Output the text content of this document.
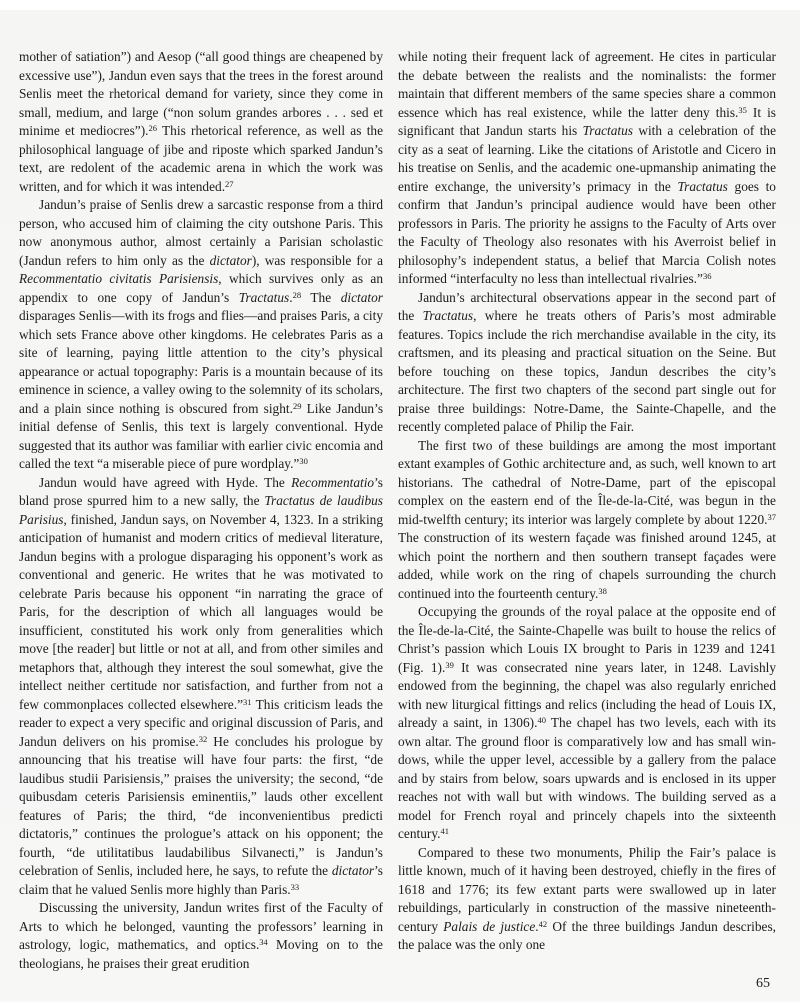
mother of satiation”) and Aesop (“all good things are cheapened by excessive use”), Jandun even says that the trees in the forest around Senlis meet the rhetorical demand for variety, since they come in small, medium, and large (“non solum grandes arbores . . . sed et minime et mediocres”).$^{26}$ This rhetorical reference, as well as the philosophical language of jibe and riposte which sparked Jandun’s text, are redolent of the academic arena in which the work was written, and for which it was intended.$^{27}$

Jandun’s praise of Senlis drew a sarcastic response from a third person, who accused him of claiming the city outshone Paris. This now anonymous author, almost certainly a Parisian scholastic (Jandun refers to him only as the dictator), was responsible for a Recommentatio civitatis Parisiensis, which survives only as an appendix to one copy of Jandun’s Tractatus.$^{28}$ The dictator disparages Senlis—with its frogs and flies—and praises Paris, a city which sets France above other kingdoms. He celebrates Paris as a site of learning, paying little attention to the city’s physical appearance or actual topography: Paris is a mountain because of its eminence in science, a valley owing to the solemnity of its scholars, and a plain since nothing is obscured from sight.$^{29}$ Like Jandun’s initial defense of Senlis, this text is largely conventional. Hyde suggested that its author was familiar with earlier civic encomia and called the text “a miserable piece of pure wordplay.”$^{30}$

Jandun would have agreed with Hyde. The Recommentatio’s bland prose spurred him to a new sally, the Tractatus de laudibus Parisius, finished, Jandun says, on November 4, 1323. In a striking anticipation of humanist and modern critics of medieval literature, Jandun begins with a prologue disparaging his opponent’s work as conventional and generic. He writes that he was motivated to celebrate Paris because his opponent “in narrating the grace of Paris, for the description of which all languages would be insufficient, constituted his work only from generalities which move [the reader] but little or not at all, and from other similes and metaphors that, although they interest the soul somewhat, give the intellect neither certitude nor satisfaction, and further from not a few commonplaces collected elsewhere.”$^{31}$ This criticism leads the reader to expect a very specific and original discussion of Paris, and Jandun delivers on his promise.$^{32}$ He concludes his prologue by announcing that his treatise will have four parts: the first, “de laudibus studii Parisiensis,” praises the university; the second, “de quibusdam ceteris Parisiensis eminentiis,” lauds other excellent features of Paris; the third, “de inconvenientibus predicti dictatoris,” continues the prologue’s attack on his opponent; the fourth, “de utilitatibus laudabilibus Silvanecti,” is Jandun’s celebration of Senlis, included here, he says, to refute the dictator’s claim that he valued Senlis more highly than Paris.$^{33}$

Discussing the university, Jandun writes first of the Faculty of Arts to which he belonged, vaunting the professors’ learning in astrology, logic, mathematics, and optics.$^{34}$ Moving on to the theologians, he praises their great erudition

while noting their frequent lack of agreement. He cites in particular the debate between the realists and the nominalists: the former maintain that different members of the same species share a common essence which has real existence, while the latter deny this.$^{35}$ It is significant that Jandun starts his Tractatus with a celebration of the city as a seat of learning. Like the citations of Aristotle and Cicero in his treatise on Senlis, and the academic one-upmanship animating the entire exchange, the university’s primacy in the Tractatus goes to confirm that Jandun’s principal audience would have been other professors in Paris. The priority he assigns to the Faculty of Arts over the Faculty of Theology also resonates with his Averroist belief in philosophy’s independent status, a belief that Marcia Colish notes informed “interfaculty no less than intellectual rivalries.”$^{36}$

Jandun’s architectural observations appear in the second part of the Tractatus, where he treats others of Paris’s most admirable features. Topics include the rich merchandise available in the city, its craftsmen, and its pleasing and practical situation on the Seine. But before touching on these topics, Jandun describes the city’s architecture. The first two chapters of the second part single out for praise three buildings: Notre-Dame, the Sainte-Chapelle, and the recently completed palace of Philip the Fair.

The first two of these buildings are among the most important extant examples of Gothic architecture and, as such, well known to art historians. The cathedral of Notre-Dame, part of the episcopal complex on the eastern end of the Île-de-la-Cité, was begun in the mid-twelfth century; its interior was largely complete by about 1220.37 The construction of its western façade was finished around 1245, at which point the northern and then southern transept façades were added, while work on the ring of chapels surrounding the church continued into the fourteenth century.$^{38}$

Occupying the grounds of the royal palace at the opposite end of the Île-de-la-Cité, the Sainte-Chapelle was built to house the relics of Christ’s passion which Louis IX brought to Paris in 1239 and 1241 (Fig. 1).$^{39}$ It was consecrated nine years later, in 1248. Lavishly endowed from the beginning, the chapel was also regularly enriched with new liturgical fittings and relics (including the head of Louis IX, already a saint, in 1306).$^{40}$ The chapel has two levels, each with its own altar. The ground floor is comparatively low and has small windows, while the upper level, accessible by a gallery from the palace and by stairs from below, soars upwards and is enclosed in its upper reaches not with wall but with windows. The building served as a model for French royal and princely chapels into the sixteenth century.$^{41}$

Compared to these two monuments, Philip the Fair’s palace is little known, much of it having been destroyed, chiefly in the fires of 1618 and 1776; its few extant parts were swallowed up in later rebuildings, particularly in construction of the massive nineteenth-century Palais de justice.$^{42}$ Of the three buildings Jandun describes, the palace was the only one

65
